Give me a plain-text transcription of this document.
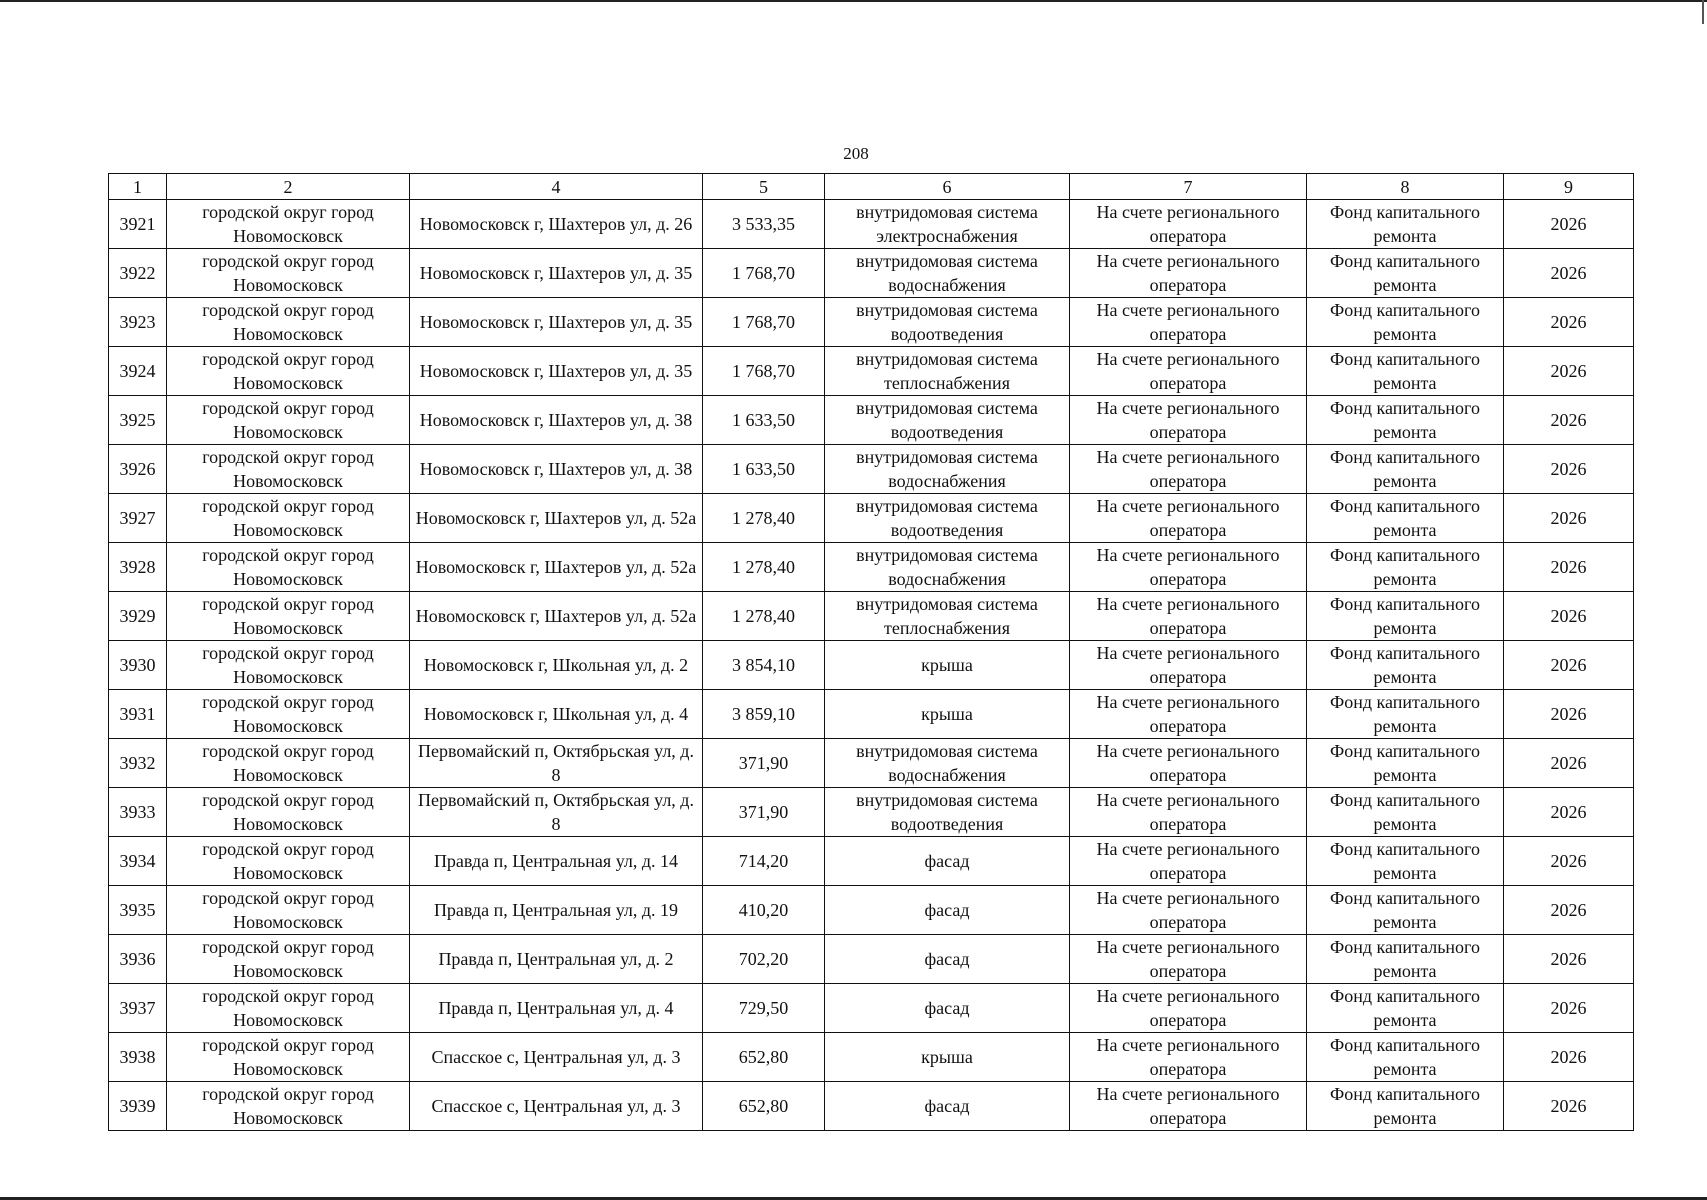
208
1	2	4	5	6	7	8	9
3921	городской округ город Новомосковск	Новомосковск г, Шахтеров ул, д. 26	3 533,35	внутридомовая система электроснабжения	На счете регионального оператора	Фонд капитального ремонта	2026
3922	городской округ город Новомосковск	Новомосковск г, Шахтеров ул, д. 35	1 768,70	внутридомовая система водоснабжения	На счете регионального оператора	Фонд капитального ремонта	2026
3923	городской округ город Новомосковск	Новомосковск г, Шахтеров ул, д. 35	1 768,70	внутридомовая система водоотведения	На счете регионального оператора	Фонд капитального ремонта	2026
3924	городской округ город Новомосковск	Новомосковск г, Шахтеров ул, д. 35	1 768,70	внутридомовая система теплоснабжения	На счете регионального оператора	Фонд капитального ремонта	2026
3925	городской округ город Новомосковск	Новомосковск г, Шахтеров ул, д. 38	1 633,50	внутридомовая система водоотведения	На счете регионального оператора	Фонд капитального ремонта	2026
3926	городской округ город Новомосковск	Новомосковск г, Шахтеров ул, д. 38	1 633,50	внутридомовая система водоснабжения	На счете регионального оператора	Фонд капитального ремонта	2026
3927	городской округ город Новомосковск	Новомосковск г, Шахтеров ул, д. 52а	1 278,40	внутридомовая система водоотведения	На счете регионального оператора	Фонд капитального ремонта	2026
3928	городской округ город Новомосковск	Новомосковск г, Шахтеров ул, д. 52а	1 278,40	внутридомовая система водоснабжения	На счете регионального оператора	Фонд капитального ремонта	2026
3929	городской округ город Новомосковск	Новомосковск г, Шахтеров ул, д. 52а	1 278,40	внутридомовая система теплоснабжения	На счете регионального оператора	Фонд капитального ремонта	2026
3930	городской округ город Новомосковск	Новомосковск г, Школьная ул, д. 2	3 854,10	крыша	На счете регионального оператора	Фонд капитального ремонта	2026
3931	городской округ город Новомосковск	Новомосковск г, Школьная ул, д. 4	3 859,10	крыша	На счете регионального оператора	Фонд капитального ремонта	2026
3932	городской округ город Новомосковск	Первомайский п, Октябрьская ул, д. 8	371,90	внутридомовая система водоснабжения	На счете регионального оператора	Фонд капитального ремонта	2026
3933	городской округ город Новомосковск	Первомайский п, Октябрьская ул, д. 8	371,90	внутридомовая система водоотведения	На счете регионального оператора	Фонд капитального ремонта	2026
3934	городской округ город Новомосковск	Правда п, Центральная ул, д. 14	714,20	фасад	На счете регионального оператора	Фонд капитального ремонта	2026
3935	городской округ город Новомосковск	Правда п, Центральная ул, д. 19	410,20	фасад	На счете регионального оператора	Фонд капитального ремонта	2026
3936	городской округ город Новомосковск	Правда п, Центральная ул, д. 2	702,20	фасад	На счете регионального оператора	Фонд капитального ремонта	2026
3937	городской округ город Новомосковск	Правда п, Центральная ул, д. 4	729,50	фасад	На счете регионального оператора	Фонд капитального ремонта	2026
3938	городской округ город Новомосковск	Спасское с, Центральная ул, д. 3	652,80	крыша	На счете регионального оператора	Фонд капитального ремонта	2026
3939	городской округ город Новомосковск	Спасское с, Центральная ул, д. 3	652,80	фасад	На счете регионального оператора	Фонд капитального ремонта	2026
